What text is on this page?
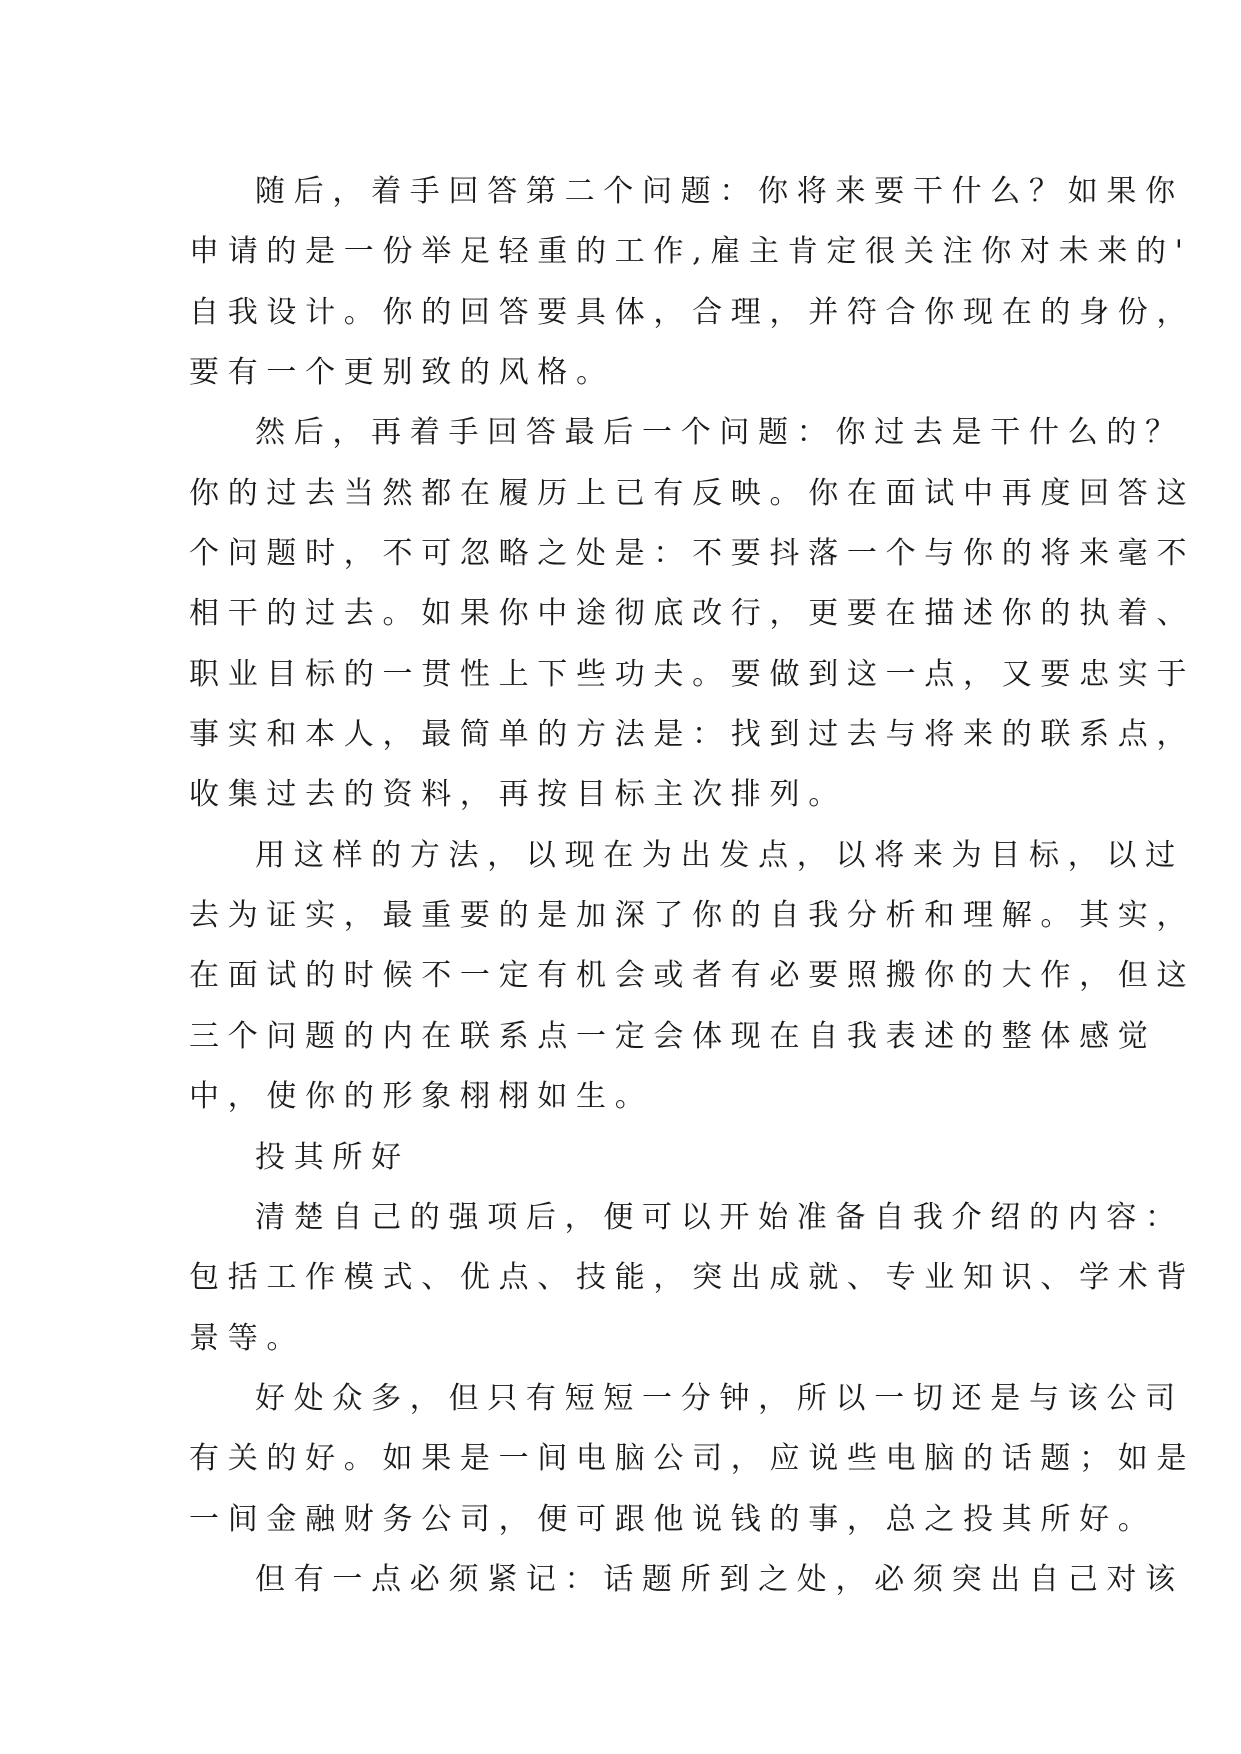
随后，着手回答第二个问题：你将来要干什么？如果你
申请的是一份举足轻重的工作,雇主肯定很关注你对未来的'
自我设计。你的回答要具体，合理，并符合你现在的身份，
要有一个更别致的风格。
然后，再着手回答最后一个问题：你过去是干什么的？
你的过去当然都在履历上已有反映。你在面试中再度回答这
个问题时，不可忽略之处是：不要抖落一个与你的将来毫不
相干的过去。如果你中途彻底改行，更要在描述你的执着、
职业目标的一贯性上下些功夫。要做到这一点，又要忠实于
事实和本人，最简单的方法是：找到过去与将来的联系点，
收集过去的资料，再按目标主次排列。
用这样的方法，以现在为出发点，以将来为目标，以过
去为证实，最重要的是加深了你的自我分析和理解。其实，
在面试的时候不一定有机会或者有必要照搬你的大作，但这
三个问题的内在联系点一定会体现在自我表述的整体感觉
中，使你的形象栩栩如生。
投其所好
清楚自己的强项后，便可以开始准备自我介绍的内容：
包括工作模式、优点、技能，突出成就、专业知识、学术背
景等。
好处众多，但只有短短一分钟，所以一切还是与该公司
有关的好。如果是一间电脑公司，应说些电脑的话题；如是
一间金融财务公司，便可跟他说钱的事，总之投其所好。
但有一点必须紧记：话题所到之处，必须突出自己对该
